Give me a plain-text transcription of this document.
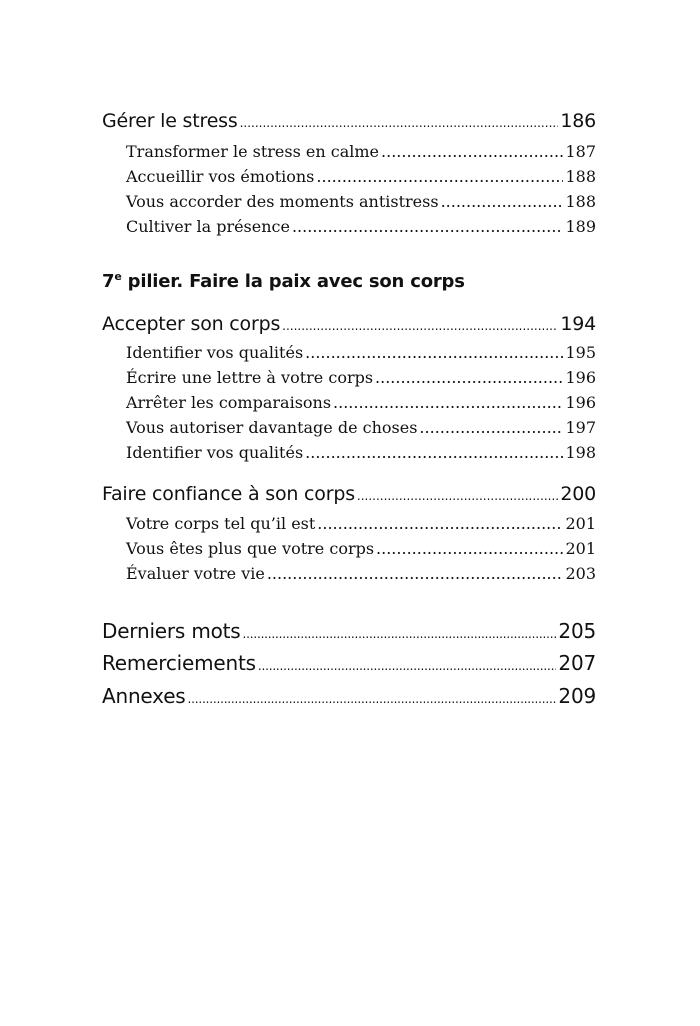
Gérer le stress .....	186
Transformer le stress en calme .....	187
Accueillir vos émotions .....	188
Vous accorder des moments antistress .....	188
Cultiver la présence .....	189
7e pilier. Faire la paix avec son corps
Accepter son corps .....	194
Identifier vos qualités .....	195
Écrire une lettre à votre corps .....	196
Arrêter les comparaisons .....	196
Vous autoriser davantage de choses .....	197
Identifier vos qualités .....	198
Faire confiance à son corps .....	200
Votre corps tel qu’il est .....	201
Vous êtes plus que votre corps .....	201
Évaluer votre vie .....	203
Derniers mots .....	205
Remerciements .....	207
Annexes .....	209
